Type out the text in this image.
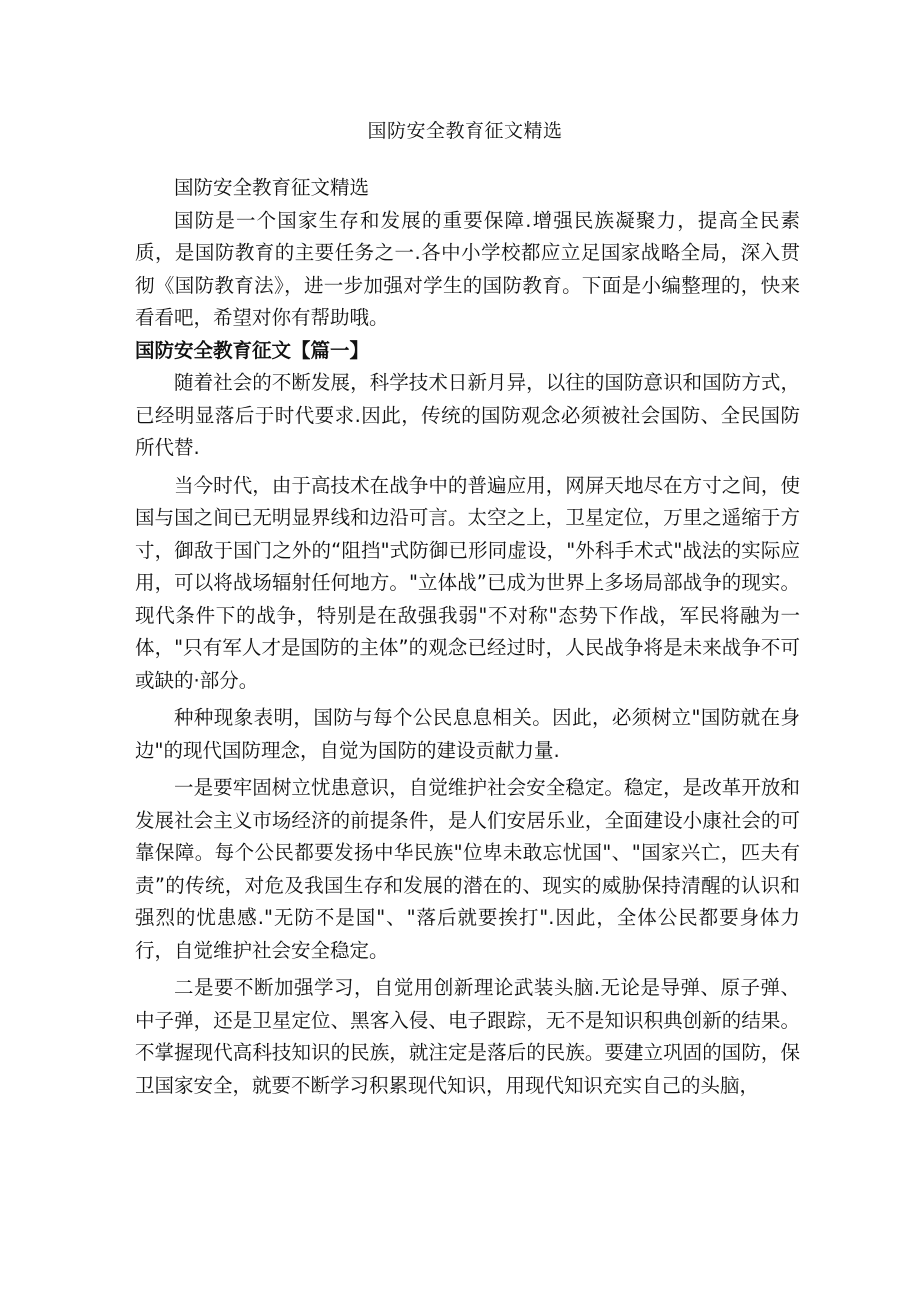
国防安全教育征文精选

国防安全教育征文精选

国防是一个国家生存和发展的重要保障.增强民族凝聚力，提高全民素质，是国防教育的主要任务之一.各中小学校都应立足国家战略全局，深入贯彻《国防教育法》，进一步加强对学生的国防教育。下面是小编整理的，快来看看吧，希望对你有帮助哦。

国防安全教育征文【篇一】

随着社会的不断发展，科学技术日新月异，以往的国防意识和国防方式，已经明显落后于时代要求.因此，传统的国防观念必须被社会国防、全民国防所代替.

当今时代，由于高技术在战争中的普遍应用，网屏天地尽在方寸之间，使国与国之间已无明显界线和边沿可言。太空之上，卫星定位，万里之遥缩于方寸，御敌于国门之外的“阻挡"式防御已形同虚设，"外科手术式"战法的实际应用，可以将战场辐射任何地方。"立体战”已成为世界上多场局部战争的现实。现代条件下的战争，特别是在敌强我弱"不对称"态势下作战，军民将融为一体，"只有军人才是国防的主体”的观念已经过时，人民战争将是未来战争不可或缺的·部分。

种种现象表明，国防与每个公民息息相关。因此，必须树立"国防就在身边"的现代国防理念，自觉为国防的建设贡献力量.

一是要牢固树立忧患意识，自觉维护社会安全稳定。稳定，是改革开放和发展社会主义市场经济的前提条件，是人们安居乐业，全面建设小康社会的可靠保障。每个公民都要发扬中华民族"位卑未敢忘忧国"、"国家兴亡，匹夫有责”的传统，对危及我国生存和发展的潜在的、现实的威胁保持清醒的认识和强烈的忧患感."无防不是国"、"落后就要挨打".因此，全体公民都要身体力行，自觉维护社会安全稳定。

二是要不断加强学习，自觉用创新理论武装头脑.无论是导弹、原子弹、中子弹，还是卫星定位、黑客入侵、电子跟踪，无不是知识积典创新的结果。不掌握现代高科技知识的民族，就注定是落后的民族。要建立巩固的国防，保卫国家安全，就要不断学习积累现代知识，用现代知识充实自己的头脑，
